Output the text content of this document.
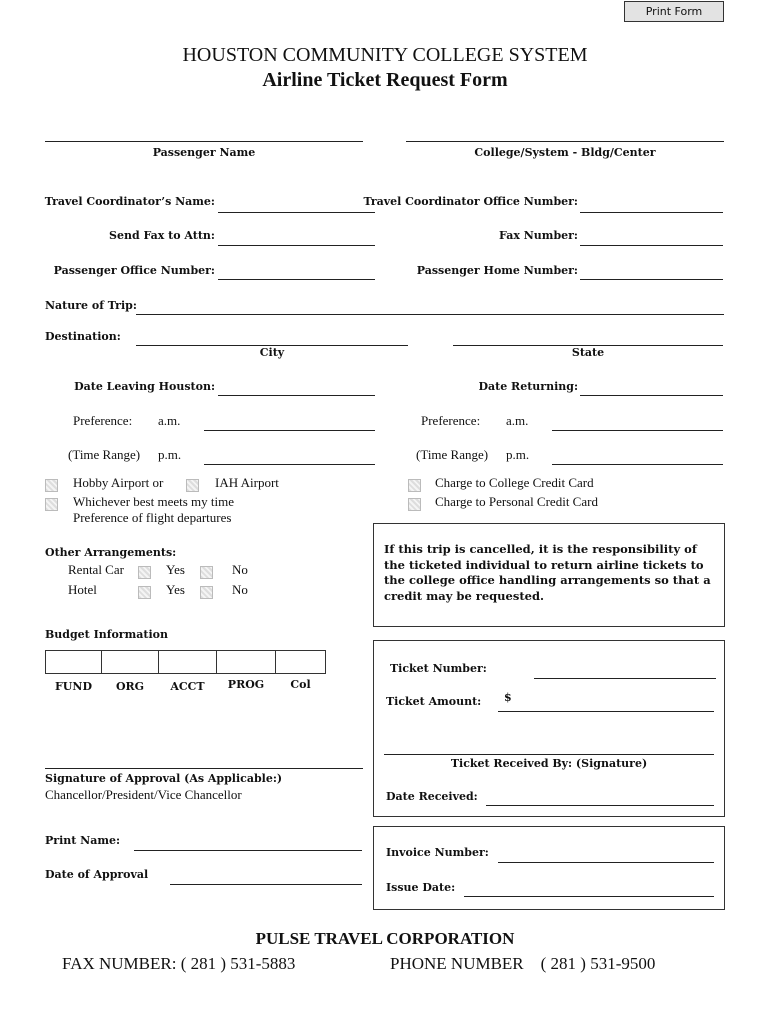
Print Form
HOUSTON COMMUNITY COLLEGE SYSTEM
Airline Ticket Request Form
Passenger Name	College/System - Bldg/Center
Travel Coordinator’s Name:	Travel Coordinator Office Number:
Send Fax to Attn:	Fax Number:
Passenger Office Number:	Passenger Home Number:
Nature of Trip:
Destination:
City	State
Date Leaving Houston:	Date Returning:
Preference: a.m.
(Time Range) p.m.
Preference: a.m.
(Time Range) p.m.
Hobby Airport or	IAH Airport
Whichever best meets my time
Preference of flight departures
Charge to College Credit Card
Charge to Personal Credit Card
If this trip is cancelled, it is the responsibility of the ticketed individual to return airline tickets to the college office handling arrangements so that a credit may be requested.
Other Arrangements:
Rental Car	Yes	No
Hotel	Yes	No
Budget Information
FUND	ORG	ACCT	PROG	Col
Ticket Number:
Ticket Amount: $
Ticket Received By: (Signature)
Date Received:
Signature of Approval (As Applicable:)
Chancellor/President/Vice Chancellor
Print Name:
Date of Approval
Invoice Number:
Issue Date:
PULSE TRAVEL CORPORATION
FAX NUMBER: ( 281 ) 531-5883	PHONE NUMBER    ( 281 ) 531-9500
